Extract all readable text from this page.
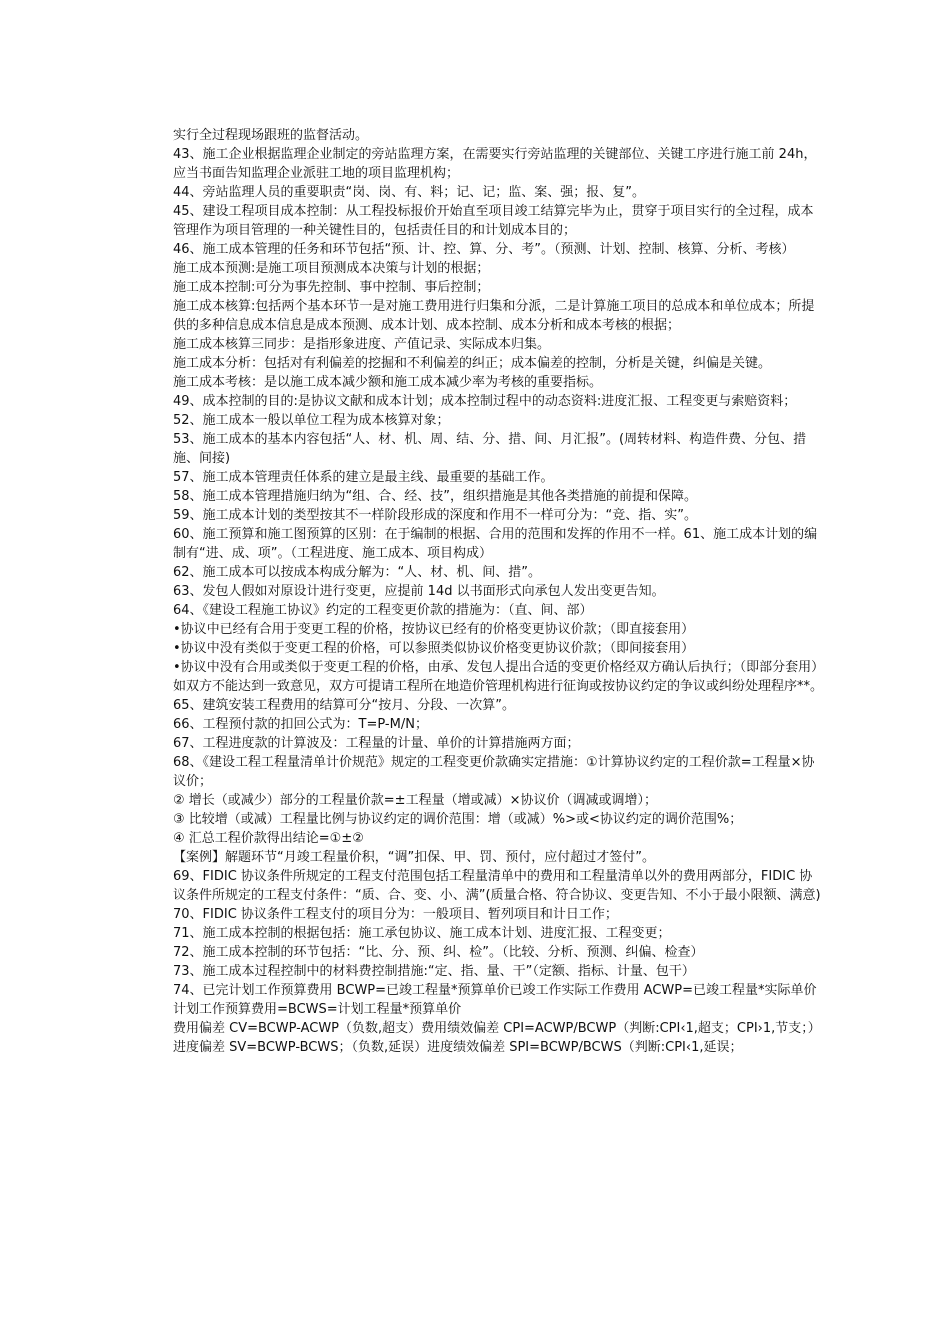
实行全过程现场跟班的监督活动。

43、施工企业根据监理企业制定的旁站监理方案，在需要实行旁站监理的关键部位、关键工序进行施工前 24h，应当书面告知监理企业派驻工地的项目监理机构；

44、旁站监理人员的重要职责“岗、岗、有、料；记、记；监、案、强；报、复”。

45、建设工程项目成本控制：从工程投标报价开始直至项目竣工结算完毕为止，贯穿于项目实行的全过程，成本管理作为项目管理的一种关键性目的，包括责任目的和计划成本目的；

46、施工成本管理的任务和环节包括“预、计、控、算、分、考”。（预测、计划、控制、核算、分析、考核）

施工成本预测:是施工项目预测成本决策与计划的根据；

施工成本控制:可分为事先控制、事中控制、事后控制；

施工成本核算:包括两个基本环节一是对施工费用进行归集和分派，二是计算施工项目的总成本和单位成本；所提供的多种信息成本信息是成本预测、成本计划、成本控制、成本分析和成本考核的根据；

施工成本核算三同步：是指形象进度、产值记录、实际成本归集。

施工成本分析：包括对有利偏差的挖掘和不利偏差的纠正；成本偏差的控制，分析是关键，纠偏是关键。

施工成本考核：是以施工成本减少额和施工成本减少率为考核的重要指标。

49、成本控制的目的:是协议文献和成本计划；成本控制过程中的动态资料:进度汇报、工程变更与索赔资料；

52、施工成本一般以单位工程为成本核算对象；

53、施工成本的基本内容包括“人、材、机、周、结、分、措、间、月汇报”。(周转材料、构造件费、分包、措施、间接)

57、施工成本管理责任体系的建立是最主线、最重要的基础工作。

58、施工成本管理措施归纳为“组、合、经、技”，组织措施是其他各类措施的前提和保障。

59、施工成本计划的类型按其不一样阶段形成的深度和作用不一样可分为：“竞、指、实”。

60、施工预算和施工图预算的区别：在于编制的根据、合用的范围和发挥的作用不一样。61、施工成本计划的编制有“进、成、项”。（工程进度、施工成本、项目构成）

62、施工成本可以按成本构成分解为：“人、材、机、间、措”。

63、发包人假如对原设计进行变更，应提前 14d 以书面形式向承包人发出变更告知。

64、《建设工程施工协议》约定的工程变更价款的措施为：（直、间、部）

•协议中已经有合用于变更工程的价格，按协议已经有的价格变更协议价款；（即直接套用）

•协议中没有类似于变更工程的价格，可以参照类似协议价格变更协议价款；（即间接套用）

•协议中没有合用或类似于变更工程的价格，由承、发包人提出合适的变更价格经双方确认后执行；（即部分套用）

如双方不能达到一致意见，双方可提请工程所在地造价管理机构进行征询或按协议约定的争议或纠纷处理程序**。

65、建筑安装工程费用的结算可分“按月、分段、一次算”。

66、工程预付款的扣回公式为：T=P-M/N；

67、工程进度款的计算波及：工程量的计量、单价的计算措施两方面；

68、《建设工程工程量清单计价规范》规定的工程变更价款确实定措施：①计算协议约定的工程价款=工程量×协议价；

② 增长（或减少）部分的工程量价款=±工程量（增或减）×协议价（调减或调增）；

③ 比较增（或减）工程量比例与协议约定的调价范围：增（或减）%>或<协议约定的调价范围%；

④ 汇总工程价款得出结论=①±②

【案例】解题环节“月竣工程量价积，“调”扣保、甲、罚、预付，应付超过才签付”。

69、FIDIC 协议条件所规定的工程支付范围包括工程量清单中的费用和工程量清单以外的费用两部分，FIDIC 协议条件所规定的工程支付条件：“质、合、变、小、满”(质量合格、符合协议、变更告知、不小于最小限额、满意)

70、FIDIC 协议条件工程支付的项目分为：一般项目、暂列项目和计日工作；

71、施工成本控制的根据包括：施工承包协议、施工成本计划、进度汇报、工程变更；

72、施工成本控制的环节包括：“比、分、预、纠、检”。（比较、分析、预测、纠偏、检查）

73、施工成本过程控制中的材料费控制措施:“定、指、量、干”（定额、指标、计量、包干）

74、已完计划工作预算费用 BCWP=已竣工程量*预算单价已竣工作实际工作费用 ACWP=已竣工程量*实际单价

计划工作预算费用=BCWS=计划工程量*预算单价

费用偏差 CV=BCWP-ACWP（负数,超支）费用绩效偏差 CPI=ACWP/BCWP（判断:CPI‹1,超支；CPI›1,节支；）

进度偏差 SV=BCWP-BCWS；（负数,延误）进度绩效偏差 SPI=BCWP/BCWS（判断:CPI‹1,延误；
